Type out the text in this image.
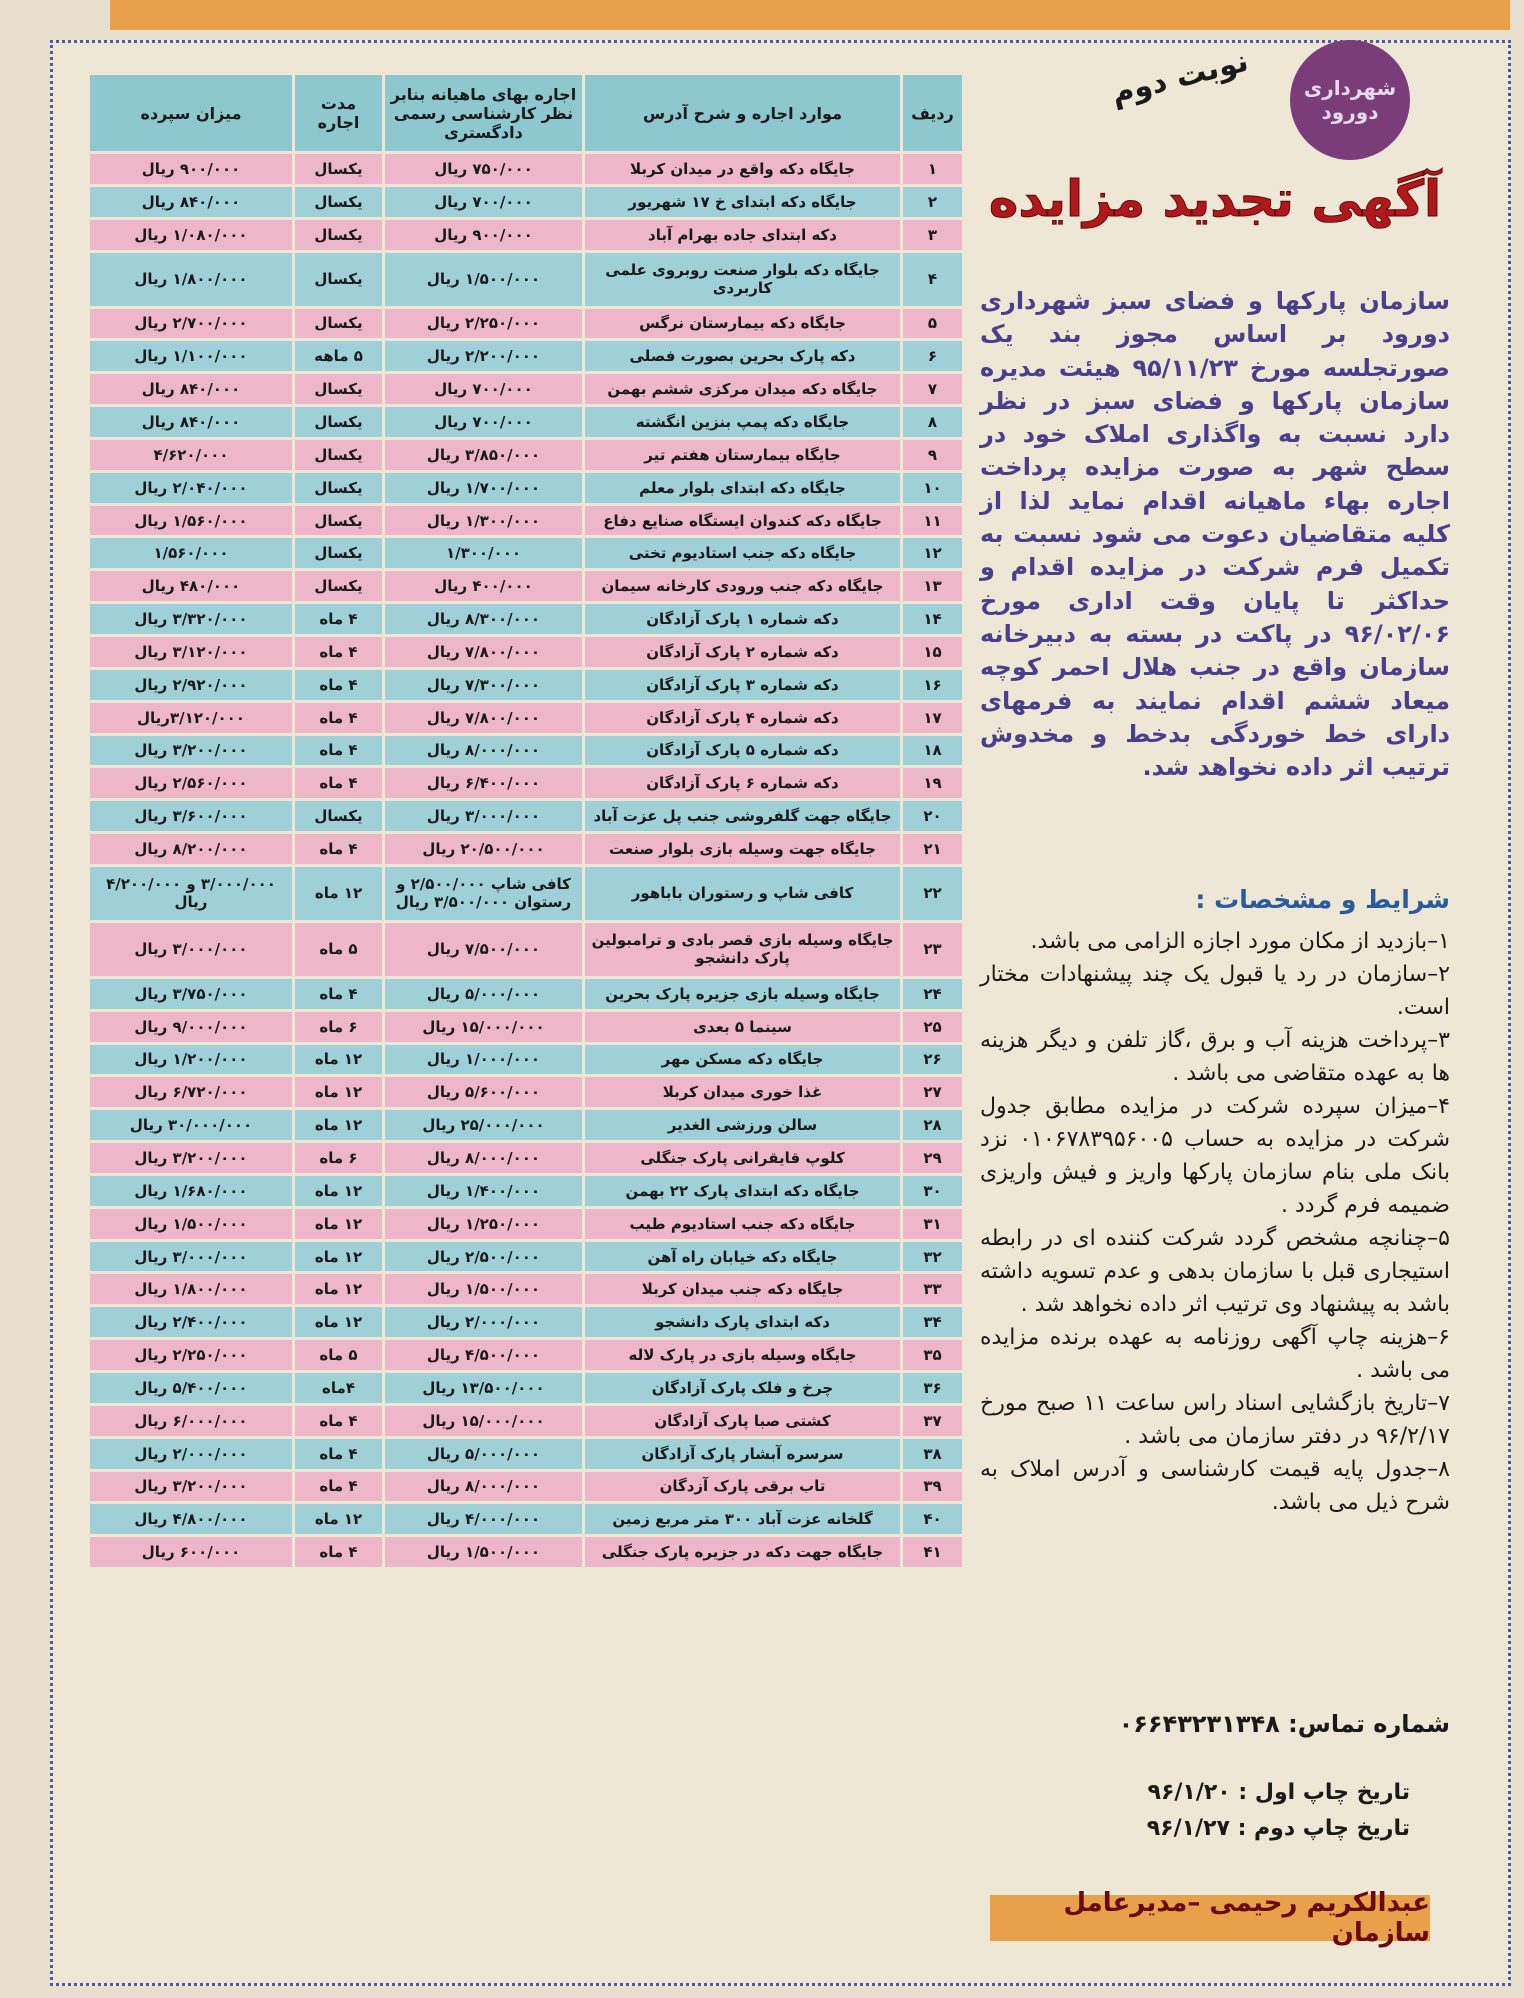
ردیف	موارد اجاره و شرح آدرس	اجاره بهای ماهیانه بنابر نظر کارشناسی رسمی دادگستری	مدت اجاره	میزان سپرده
۱	جایگاه دکه واقع در میدان کربلا	۷۵۰/۰۰۰ ریال	یکسال	۹۰۰/۰۰۰ ریال
۲	جایگاه دکه ابتدای خ ۱۷ شهریور	۷۰۰/۰۰۰ ریال	یکسال	۸۴۰/۰۰۰ ریال
۳	دکه ابتدای جاده بهرام آباد	۹۰۰/۰۰۰ ریال	یکسال	۱/۰۸۰/۰۰۰ ریال
۴	جایگاه دکه بلوار صنعت روبروی علمی کاربردی	۱/۵۰۰/۰۰۰ ریال	یکسال	۱/۸۰۰/۰۰۰ ریال
۵	جایگاه دکه بیمارستان نرگس	۲/۲۵۰/۰۰۰ ریال	یکسال	۲/۷۰۰/۰۰۰ ریال
۶	دکه پارک بحرین بصورت فصلی	۲/۲۰۰/۰۰۰ ریال	۵ ماهه	۱/۱۰۰/۰۰۰ ریال
۷	جایگاه دکه میدان مرکزی ششم بهمن	۷۰۰/۰۰۰ ریال	یکسال	۸۴۰/۰۰۰ ریال
۸	جایگاه دکه پمپ بنزین انگشته	۷۰۰/۰۰۰ ریال	یکسال	۸۴۰/۰۰۰ ریال
۹	جایگاه بیمارستان هفتم تیر	۳/۸۵۰/۰۰۰ ریال	یکسال	۴/۶۲۰/۰۰۰
۱۰	جایگاه دکه ابتدای بلوار معلم	۱/۷۰۰/۰۰۰ ریال	یکسال	۲/۰۴۰/۰۰۰ ریال
۱۱	جایگاه دکه کندوان ایستگاه صنایع دفاع	۱/۳۰۰/۰۰۰ ریال	یکسال	۱/۵۶۰/۰۰۰ ریال
۱۲	جایگاه دکه جنب استادیوم تختی	۱/۳۰۰/۰۰۰	یکسال	۱/۵۶۰/۰۰۰
۱۳	جایگاه دکه جنب ورودی کارخانه سیمان	۴۰۰/۰۰۰ ریال	یکسال	۴۸۰/۰۰۰ ریال
۱۴	دکه شماره ۱ پارک آزادگان	۸/۳۰۰/۰۰۰ ریال	۴ ماه	۳/۳۲۰/۰۰۰ ریال
۱۵	دکه شماره ۲ پارک آزادگان	۷/۸۰۰/۰۰۰ ریال	۴ ماه	۳/۱۲۰/۰۰۰ ریال
۱۶	دکه شماره ۳ پارک آزادگان	۷/۳۰۰/۰۰۰ ریال	۴ ماه	۲/۹۲۰/۰۰۰ ریال
۱۷	دکه شماره ۴ پارک آزادگان	۷/۸۰۰/۰۰۰ ریال	۴ ماه	۳/۱۲۰/۰۰۰ریال
۱۸	دکه شماره ۵ پارک آزادگان	۸/۰۰۰/۰۰۰ ریال	۴ ماه	۳/۲۰۰/۰۰۰ ریال
۱۹	دکه شماره ۶ پارک آزادگان	۶/۴۰۰/۰۰۰ ریال	۴ ماه	۲/۵۶۰/۰۰۰ ریال
۲۰	جایگاه جهت گلفروشی جنب پل عزت آباد	۳/۰۰۰/۰۰۰ ریال	یکسال	۳/۶۰۰/۰۰۰ ریال
۲۱	جایگاه جهت وسیله بازی بلوار صنعت	۲۰/۵۰۰/۰۰۰ ریال	۴ ماه	۸/۲۰۰/۰۰۰ ریال
۲۲	کافی شاپ و رستوران باباهور	کافی شاپ ۲/۵۰۰/۰۰۰ و رستوان ۳/۵۰۰/۰۰۰ ریال	۱۲ ماه	۳/۰۰۰/۰۰۰ و ۴/۲۰۰/۰۰۰ ریال
۲۳	جایگاه وسیله بازی قصر بادی و ترامبولین پارک دانشجو	۷/۵۰۰/۰۰۰ ریال	۵ ماه	۳/۰۰۰/۰۰۰ ریال
۲۴	جایگاه وسیله بازی جزیره پارک بحرین	۵/۰۰۰/۰۰۰ ریال	۴ ماه	۳/۷۵۰/۰۰۰ ریال
۲۵	سینما ۵ بعدی	۱۵/۰۰۰/۰۰۰ ریال	۶ ماه	۹/۰۰۰/۰۰۰ ریال
۲۶	جایگاه دکه مسکن مهر	۱/۰۰۰/۰۰۰ ریال	۱۲ ماه	۱/۲۰۰/۰۰۰ ریال
۲۷	غذا خوری میدان کربلا	۵/۶۰۰/۰۰۰ ریال	۱۲ ماه	۶/۷۲۰/۰۰۰ ریال
۲۸	سالن ورزشی الغدیر	۲۵/۰۰۰/۰۰۰ ریال	۱۲ ماه	۳۰/۰۰۰/۰۰۰ ریال
۲۹	کلوپ قایقرانی پارک جنگلی	۸/۰۰۰/۰۰۰ ریال	۶ ماه	۳/۲۰۰/۰۰۰ ریال
۳۰	جایگاه دکه ابتدای پارک ۲۲ بهمن	۱/۴۰۰/۰۰۰ ریال	۱۲ ماه	۱/۶۸۰/۰۰۰ ریال
۳۱	جایگاه دکه جنب استادیوم طیب	۱/۲۵۰/۰۰۰ ریال	۱۲ ماه	۱/۵۰۰/۰۰۰ ریال
۳۲	جایگاه دکه خیابان راه آهن	۲/۵۰۰/۰۰۰ ریال	۱۲ ماه	۳/۰۰۰/۰۰۰ ریال
۳۳	جایگاه دکه جنب میدان کربلا	۱/۵۰۰/۰۰۰ ریال	۱۲ ماه	۱/۸۰۰/۰۰۰ ریال
۳۴	دکه ابتدای پارک دانشجو	۲/۰۰۰/۰۰۰ ریال	۱۲ ماه	۲/۴۰۰/۰۰۰ ریال
۳۵	جایگاه وسیله بازی در پارک لاله	۴/۵۰۰/۰۰۰ ریال	۵ ماه	۲/۲۵۰/۰۰۰ ریال
۳۶	چرخ و فلک پارک آزادگان	۱۳/۵۰۰/۰۰۰ ریال	۴ماه	۵/۴۰۰/۰۰۰ ریال
۳۷	کشتی صبا پارک آزادگان	۱۵/۰۰۰/۰۰۰ ریال	۴ ماه	۶/۰۰۰/۰۰۰ ریال
۳۸	سرسره آبشار پارک آزادگان	۵/۰۰۰/۰۰۰ ریال	۴ ماه	۲/۰۰۰/۰۰۰ ریال
۳۹	تاب برقی پارک آزدگان	۸/۰۰۰/۰۰۰ ریال	۴ ماه	۳/۲۰۰/۰۰۰ ریال
۴۰	گلخانه عزت آباد ۳۰۰ متر مربع زمین	۴/۰۰۰/۰۰۰ ریال	۱۲ ماه	۴/۸۰۰/۰۰۰ ریال
۴۱	جایگاه جهت دکه در جزیره پارک جنگلی	۱/۵۰۰/۰۰۰ ریال	۴ ماه	۶۰۰/۰۰۰ ریال
شهرداری دورود
نوبت دوم
آگهی تجدید مزایده
سازمان پارکها و فضای سبز شهرداری دورود بر اساس مجوز بند یک صورتجلسه مورخ ۹۵/۱۱/۲۳ هیئت مدیره سازمان پارکها و فضای سبز در نظر دارد نسبت به واگذاری املاک خود در سطح شهر به صورت مزایده پرداخت اجاره بهاء ماهیانه اقدام نماید لذا از کلیه متقاضیان دعوت می شود نسبت به تکمیل فرم شرکت در مزایده اقدام و حداکثر تا پایان وقت اداری مورخ ۹۶/۰۲/۰۶ در پاکت در بسته به دبیرخانه سازمان واقع در جنب هلال احمر کوچه میعاد ششم اقدام نمایند به فرمهای دارای خط خوردگی بدخط و مخدوش ترتیب اثر داده نخواهد شد.
شرایط و مشخصات :

۱–بازدید از مکان مورد اجازه الزامی می باشد.

۲–سازمان در رد یا قبول یک چند پیشنهادات مختار است.

۳–پرداخت هزینه آب و برق ،گاز تلفن و دیگر هزینه ها به عهده متقاضی می باشد .

۴–میزان سپرده شرکت در مزایده مطابق جدول شرکت در مزایده به حساب ۰۱۰۶۷۸۳۹۵۶۰۰۵ نزد بانک ملی بنام سازمان پارکها واریز و فیش واریزی ضمیمه فرم گردد .

۵–چنانچه مشخص گردد شرکت کننده ای در رابطه استیجاری قبل با سازمان بدهی و عدم تسویه داشته باشد به پیشنهاد وی ترتیب اثر داده نخواهد شد .

۶–هزینه چاپ آگهی روزنامه به عهده برنده مزایده می باشد .

۷–تاریخ بازگشایی اسناد راس ساعت ۱۱ صبح مورخ ۹۶/۲/۱۷ در دفتر سازمان می باشد .

۸–جدول پایه قیمت کارشناسی و آدرس املاک به شرح ذیل می باشد.

شماره تماس: ۰۶۶۴۳۲۳۱۳۴۸
تاریخ چاپ اول : ۹۶/۱/۲۰
تاریخ چاپ دوم : ۹۶/۱/۲۷
عبدالکریم رحیمی –مدیرعامل سازمان
